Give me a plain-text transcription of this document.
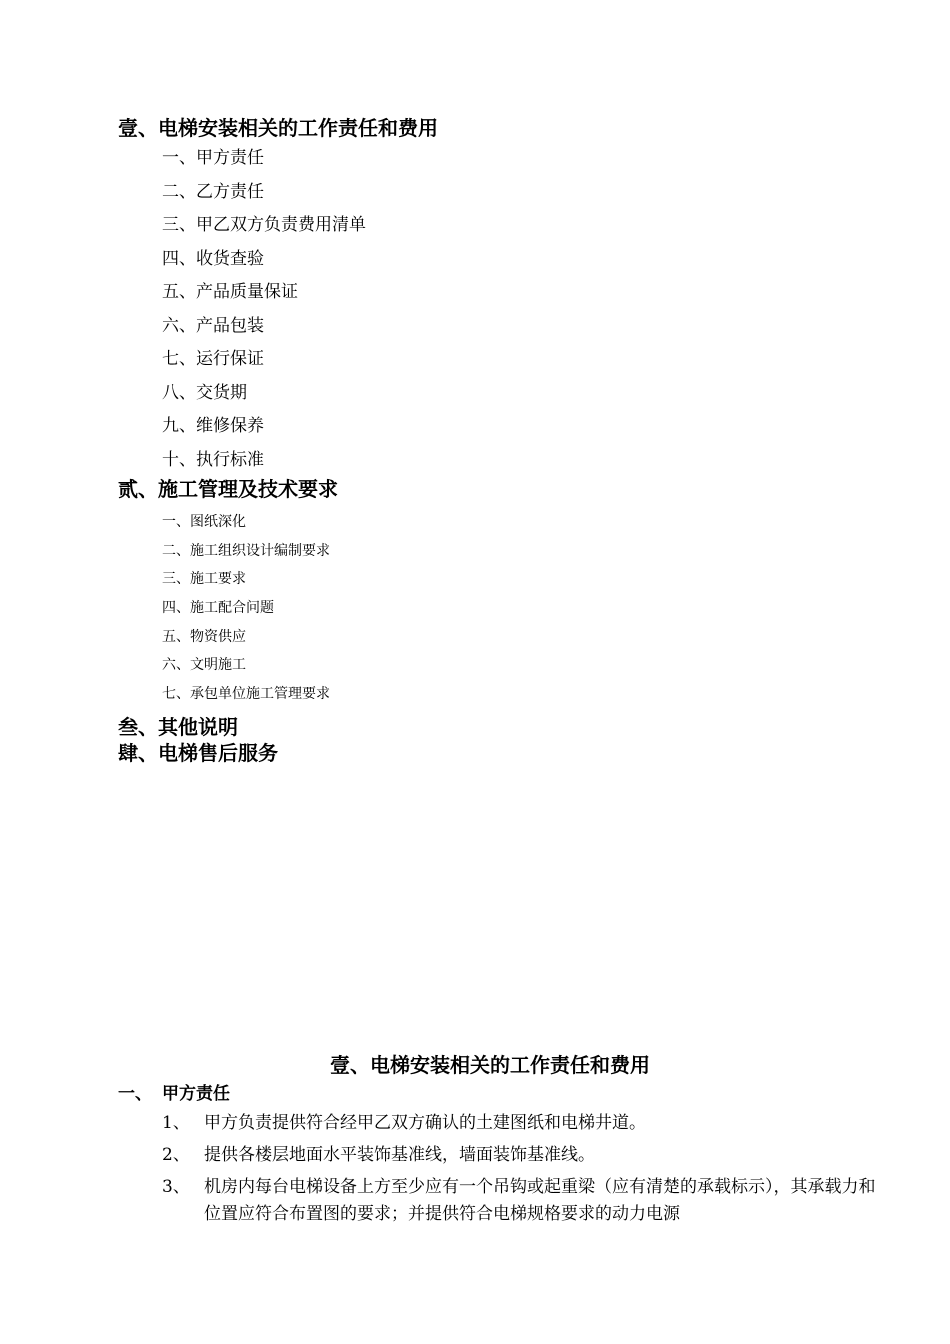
壹、电梯安装相关的工作责任和费用
一、甲方责任
二、乙方责任
三、甲乙双方负责费用清单
四、收货查验
五、产品质量保证
六、产品包装
七、运行保证
八、交货期
九、维修保养
十、执行标准
贰、施工管理及技术要求
一、图纸深化
二、施工组织设计编制要求
三、施工要求
四、施工配合问题
五、物资供应
六、文明施工
七、承包单位施工管理要求
叁、其他说明
肆、电梯售后服务
壹、电梯安装相关的工作责任和费用
一、 甲方责任
1、 甲方负责提供符合经甲乙双方确认的土建图纸和电梯井道。
2、 提供各楼层地面水平装饰基准线，墙面装饰基准线。
3、 机房内每台电梯设备上方至少应有一个吊钩或起重梁（应有清楚的承载标示），其承载力和位置应符合布置图的要求；并提供符合电梯规格要求的动力电源
